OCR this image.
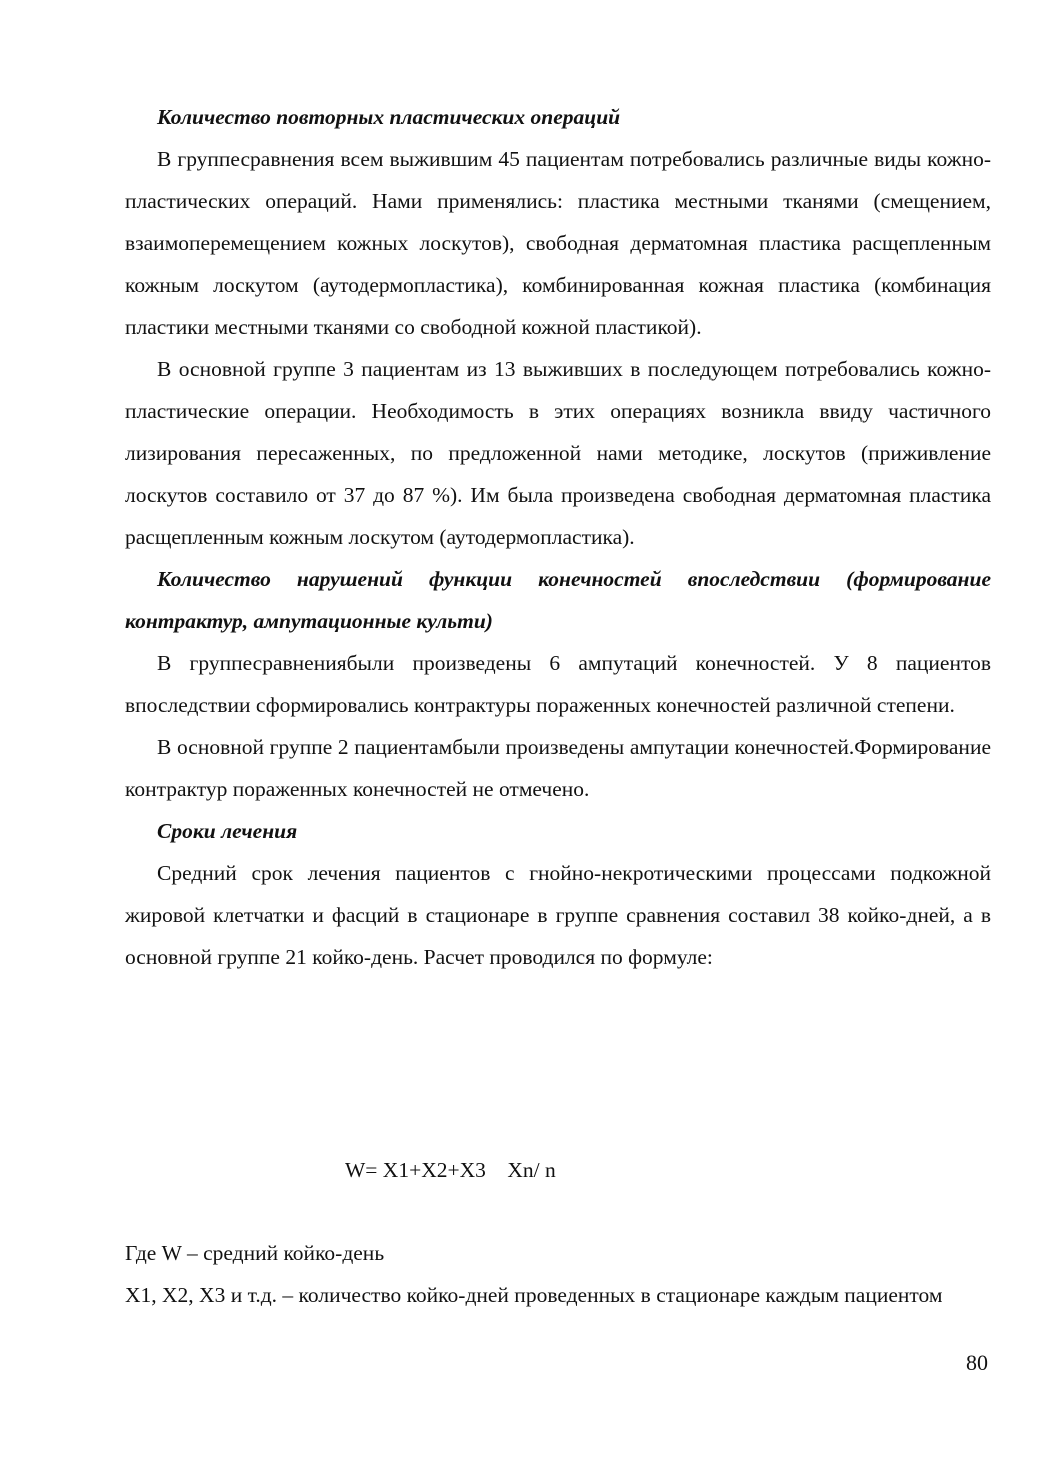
Количество повторных пластических операций

В группесравнения всем выжившим 45 пациентам потребовались различные виды кожно-пластических операций. Нами применялись: пластика местными тканями (смещением, взаимоперемещением кожных лоскутов), свободная дерматомная пластика расщепленным кожным лоскутом (аутодермопластика), комбинированная кожная пластика (комбинация пластики местными тканями со свободной кожной пластикой).

В основной группе 3 пациентам из 13 выживших в последующем потребовались кожно-пластические операции. Необходимость в этих операциях возникла ввиду частичного лизирования пересаженных, по предложенной нами методике, лоскутов (приживление лоскутов составило от 37 до 87 %). Им была произведена свободная дерматомная пластика расщепленным кожным лоскутом (аутодермопластика).

Количество нарушений функции конечностей впоследствии (формирование контрактур, ампутационные культи)

В группесравнениябыли произведены 6 ампутаций конечностей. У 8 пациентов впоследствии сформировались контрактуры пораженных конечностей различной степени.

В основной группе 2 пациентамбыли произведены ампутации конечностей.Формирование контрактур пораженных конечностей не отмечено.

Сроки лечения

Средний срок лечения пациентов с гнойно-некротическими процессами подкожной жировой клетчатки и фасций в стационаре в группе сравнения составил 38 койко-дней, а в основной группе 21 койко-день. Расчет проводился по формуле:

W= X1+X2+X3    Xn/ n

Где W – средний койко-день

X1, X2, X3 и т.д. – количество койко-дней проведенных в стационаре каждым пациентом

80
